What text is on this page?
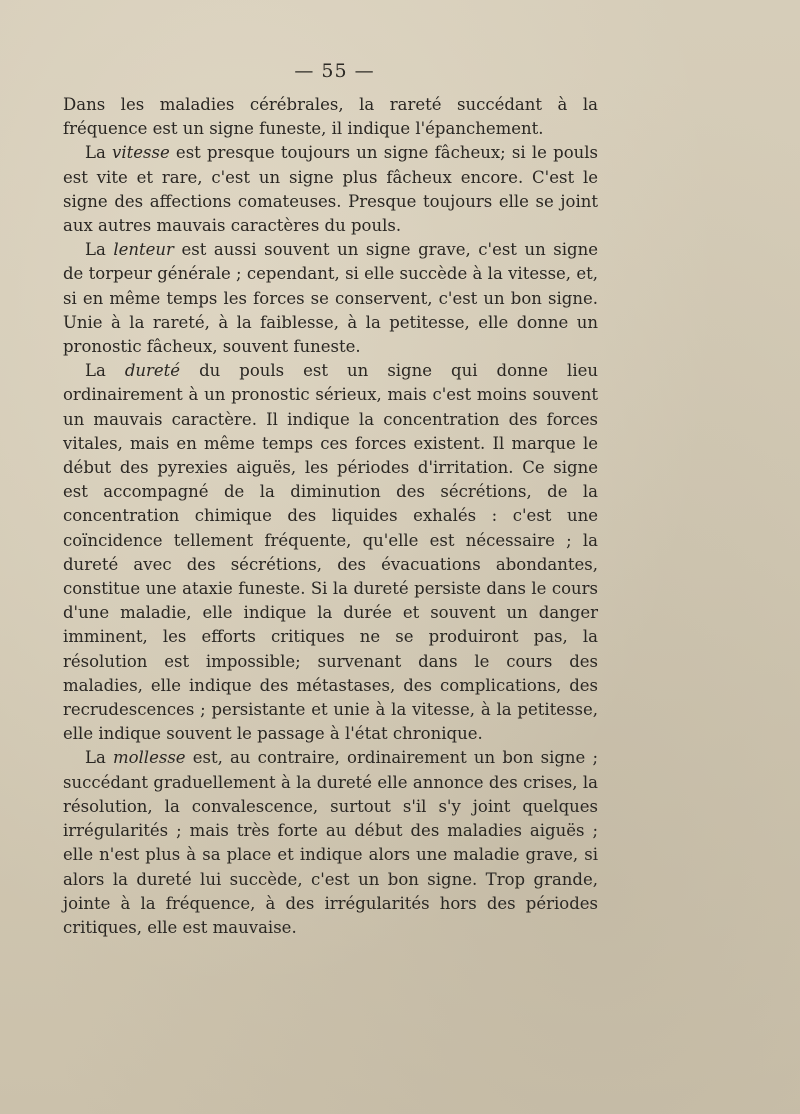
— 55 —

Dans les maladies cérébrales, la rareté succédant à la fréquence est un signe funeste, il indique l'épanchement.

La vitesse est presque toujours un signe fâcheux; si le pouls est vite et rare, c'est un signe plus fâcheux encore. C'est le signe des affections comateuses. Presque toujours elle se joint aux autres mauvais caractères du pouls.

La lenteur est aussi souvent un signe grave, c'est un signe de torpeur générale ; cependant, si elle succède à la vitesse, et, si en même temps les forces se conservent, c'est un bon signe. Unie à la rareté, à la faiblesse, à la petitesse, elle donne un pronostic fâcheux, souvent funeste.

La dureté du pouls est un signe qui donne lieu ordinairement à un pronostic sérieux, mais c'est moins souvent un mauvais caractère. Il indique la concentration des forces vitales, mais en même temps ces forces existent. Il marque le début des pyrexies aiguës, les périodes d'irritation. Ce signe est accompagné de la diminution des sécrétions, de la concentration chimique des liquides exhalés : c'est une coïncidence tellement fréquente, qu'elle est nécessaire ; la dureté avec des sécrétions, des évacuations abondantes, constitue une ataxie funeste. Si la dureté persiste dans le cours d'une maladie, elle indique la durée et souvent un danger imminent, les efforts critiques ne se produiront pas, la résolution est impossible; survenant dans le cours des maladies, elle indique des métastases, des complications, des recrudescences ; persistante et unie à la vitesse, à la petitesse, elle indique souvent le passage à l'état chronique.

La mollesse est, au contraire, ordinairement un bon signe ; succédant graduellement à la dureté elle annonce des crises, la résolution, la convalescence, surtout s'il s'y joint quelques irrégularités ; mais très forte au début des maladies aiguës ; elle n'est plus à sa place et indique alors une maladie grave, si alors la dureté lui succède, c'est un bon signe. Trop grande, jointe à la fréquence, à des irrégularités hors des périodes critiques, elle est mauvaise.
